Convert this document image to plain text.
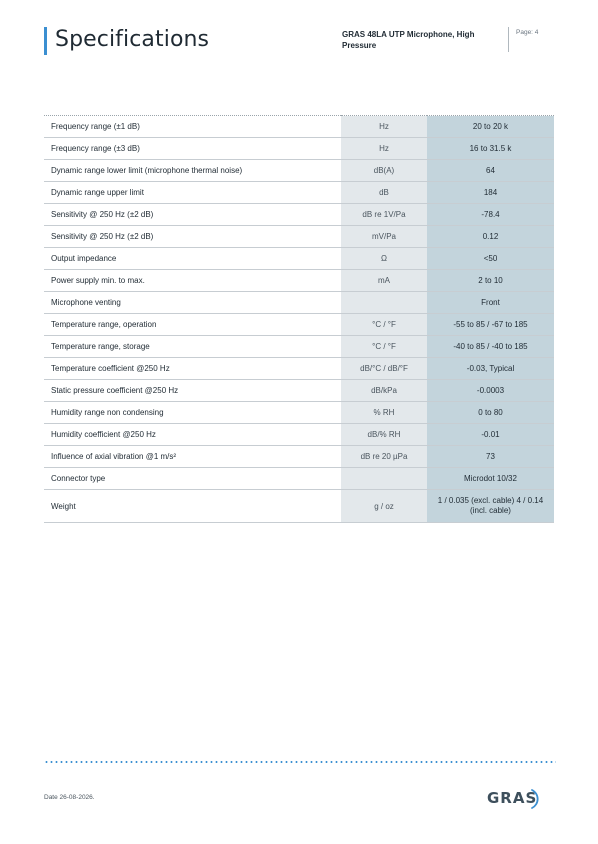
Specifications	GRAS 48LA UTP Microphone, High Pressure
Page: 4
Frequency range (±1 dB)	Hz	20 to 20 k
Frequency range (±3 dB)	Hz	16 to 31.5 k
Dynamic range lower limit (microphone thermal noise)	dB(A)	64
Dynamic range upper limit	dB	184
Sensitivity @ 250 Hz (±2 dB)	dB re 1V/Pa	-78.4
Sensitivity @ 250 Hz (±2 dB)	mV/Pa	0.12
Output impedance	Ω	<50
Power supply min. to max.	mA	2 to 10
Microphone venting		Front
Temperature range, operation	°C / °F	-55 to 85 / -67 to 185
Temperature range, storage	°C / °F	-40 to 85 / -40 to 185
Temperature coefficient @250 Hz	dB/°C / dB/°F	-0.03, Typical
Static pressure coefficient @250 Hz	dB/kPa	-0.0003
Humidity range non condensing	% RH	0 to 80
Humidity coefficient @250 Hz	dB/% RH	-0.01
Influence of axial vibration @1 m/s²	dB re 20 µPa	73
Connector type		Microdot 10/32
Weight	g / oz	1 / 0.035 (excl. cable) 4 / 0.14 (incl. cable)
Date 26-08-2026.	GRAS
